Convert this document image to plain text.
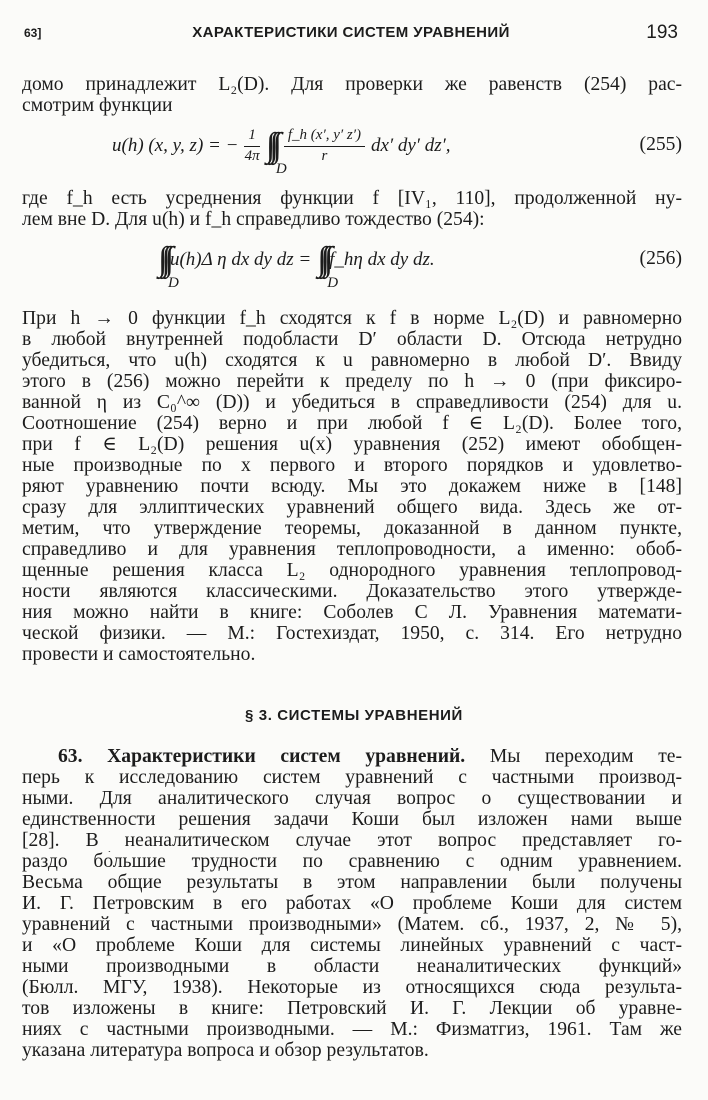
63]	ХАРАКТЕРИСТИКИ СИСТЕМ УРАВНЕНИЙ	193
домо принадлежит L₂(D). Для проверки же равенств (254) рас-
смотрим функции
u(h) (x, y, z) = − $\frac{1}{4\pi}$ ∫∫∫
D
$\frac{f\_h (x', y' z')}{r} dx'$ dy′ dz′,	(255)
где f_h есть усреднения функции f [IV₁, 110], продолженной ну-
лем вне D. Для u(h) и f_h справедливо тождество (254):
∫∫∫
D
u(h)Δ η dx dy dz = ∫∫∫
D
f_hη dx dy dz.	(256)
При h → 0 функции f_h сходятся к f в норме L₂(D) и равномерно
в любой внутренней подобласти D′ области D. Отсюда нетрудно
убедиться, что u(h) сходятся к u равномерно в любой D′. Ввиду
этого в (256) можно перейти к пределу по h → 0 (при фиксиро-
ванной η из C₀^∞ (D)) и убедиться в справедливости (254) для u.
Соотношение (254) верно и при любой f ∈ L₂(D). Более того,
при f ∈ L₂(D) решения u(x) уравнения (252) имеют обобщен-
ные производные по x первого и второго порядков и удовлетво-
ряют уравнению почти всюду. Мы это докажем ниже в [148]
сразу для эллиптических уравнений общего вида. Здесь же от-
метим, что утверждение теоремы, доказанной в данном пункте,
справедливо и для уравнения теплопроводности, а именно: обоб-
щенные решения класса L₂ однородного уравнения теплопровод-
ности являются классическими. Доказательство этого утвержде-
ния можно найти в книге: Соболев С Л. Уравнения математи-
ческой физики. — М.: Гостехиздат, 1950, с. 314. Его нетрудно
провести и самостоятельно.
§ 3. СИСТЕМЫ УРАВНЕНИЙ
63. Характеристики систем уравнений. Мы переходим те-
перь к исследованию систем уравнений с частными производ-
ными. Для аналитического случая вопрос о существовании и
единственности решения задачи Коши был изложен нами выше
[28]. В неаналитическом случае этот вопрос представляет го-
раздо бо́льшие трудности по сравнению с одним уравнением.
Весьма общие результаты в этом направлении были получены
И. Г. Петровским в его работах «О проблеме Коши для систем
уравнений с частными производными» (Матем. сб., 1937, 2, № 5),
и «О проблеме Коши для системы линейных уравнений с част-
ными производными в области неаналитических функций»
(Бюлл. МГУ, 1938). Некоторые из относящихся сюда результа-
тов изложены в книге: Петровский И. Г. Лекции об уравне-
ниях с частными производными. — М.: Физматгиз, 1961. Там же
указана литература вопроса и обзор результатов.
